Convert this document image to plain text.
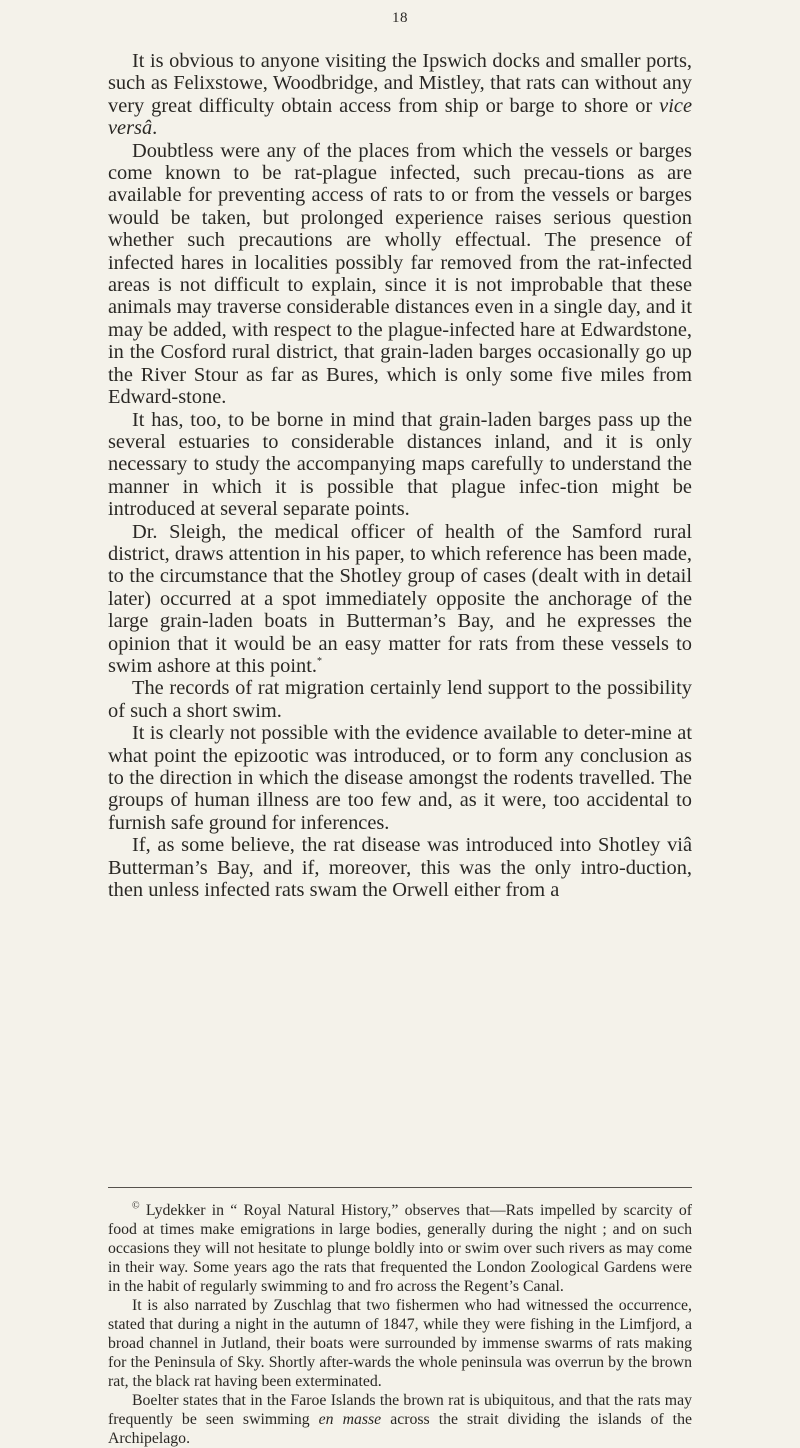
18

It is obvious to anyone visiting the Ipswich docks and smaller ports, such as Felixstowe, Woodbridge, and Mistley, that rats can without any very great difficulty obtain access from ship or barge to shore or vice versâ.

Doubtless were any of the places from which the vessels or barges come known to be rat-plague infected, such precau-tions as are available for preventing access of rats to or from the vessels or barges would be taken, but prolonged experience raises serious question whether such precautions are wholly effectual. The presence of infected hares in localities possibly far removed from the rat-infected areas is not difficult to explain, since it is not improbable that these animals may traverse considerable distances even in a single day, and it may be added, with respect to the plague-infected hare at Edwardstone, in the Cosford rural district, that grain-laden barges occasionally go up the River Stour as far as Bures, which is only some five miles from Edward-stone.

It has, too, to be borne in mind that grain-laden barges pass up the several estuaries to considerable distances inland, and it is only necessary to study the accompanying maps carefully to understand the manner in which it is possible that plague infec-tion might be introduced at several separate points.

Dr. Sleigh, the medical officer of health of the Samford rural district, draws attention in his paper, to which reference has been made, to the circumstance that the Shotley group of cases (dealt with in detail later) occurred at a spot immediately opposite the anchorage of the large grain-laden boats in Butterman’s Bay, and he expresses the opinion that it would be an easy matter for rats from these vessels to swim ashore at this point.*

The records of rat migration certainly lend support to the possibility of such a short swim.

It is clearly not possible with the evidence available to deter-mine at what point the epizootic was introduced, or to form any conclusion as to the direction in which the disease amongst the rodents travelled. The groups of human illness are too few and, as it were, too accidental to furnish safe ground for inferences.

If, as some believe, the rat disease was introduced into Shotley viâ Butterman’s Bay, and if, moreover, this was the only intro-duction, then unless infected rats swam the Orwell either from a

© Lydekker in “ Royal Natural History,” observes that—Rats impelled by scarcity of food at times make emigrations in large bodies, generally during the night ; and on such occasions they will not hesitate to plunge boldly into or swim over such rivers as may come in their way. Some years ago the rats that frequented the London Zoological Gardens were in the habit of regularly swimming to and fro across the Regent’s Canal.

It is also narrated by Zuschlag that two fishermen who had witnessed the occurrence, stated that during a night in the autumn of 1847, while they were fishing in the Limfjord, a broad channel in Jutland, their boats were surrounded by immense swarms of rats making for the Peninsula of Sky. Shortly after-wards the whole peninsula was overrun by the brown rat, the black rat having been exterminated.

Boelter states that in the Faroe Islands the brown rat is ubiquitous, and that the rats may frequently be seen swimming en masse across the strait dividing the islands of the Archipelago.
